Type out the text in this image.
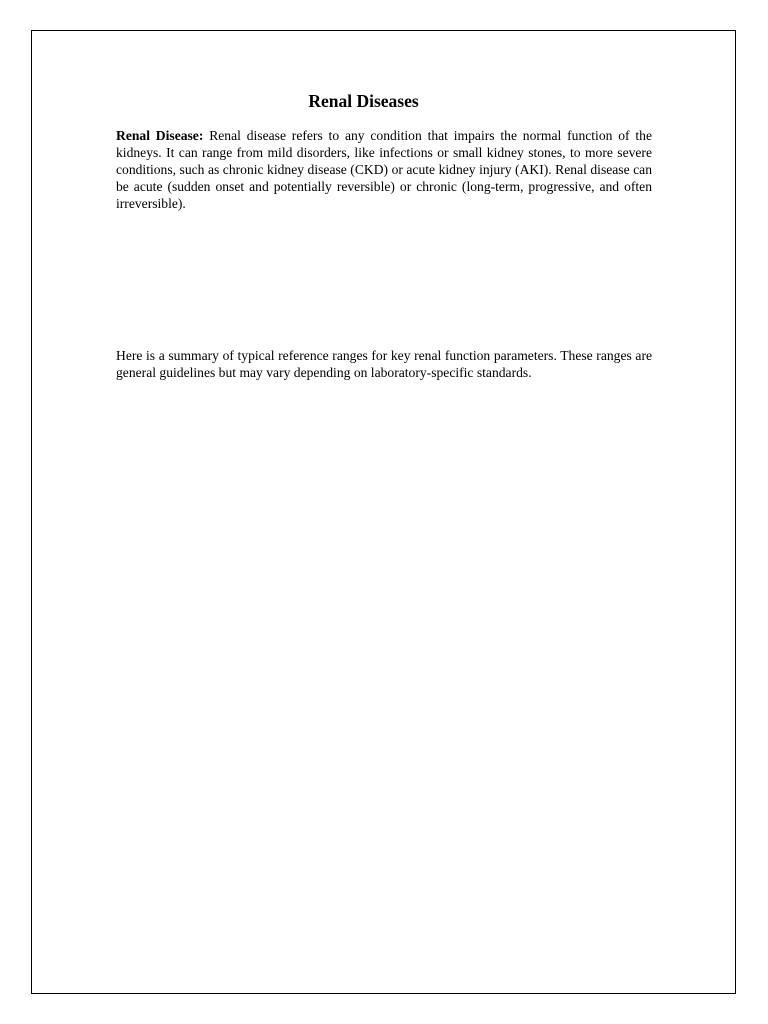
Renal Diseases

Renal Disease: Renal disease refers to any condition that impairs the normal function of the kidneys. It can range from mild disorders, like infections or small kidney stones, to more severe conditions, such as chronic kidney disease (CKD) or acute kidney injury (AKI). Renal disease can be acute (sudden onset and potentially reversible) or chronic (long-term, progressive, and often irreversible).

Here is a summary of typical reference ranges for key renal function parameters. These ranges are general guidelines but may vary depending on laboratory-specific standards.
